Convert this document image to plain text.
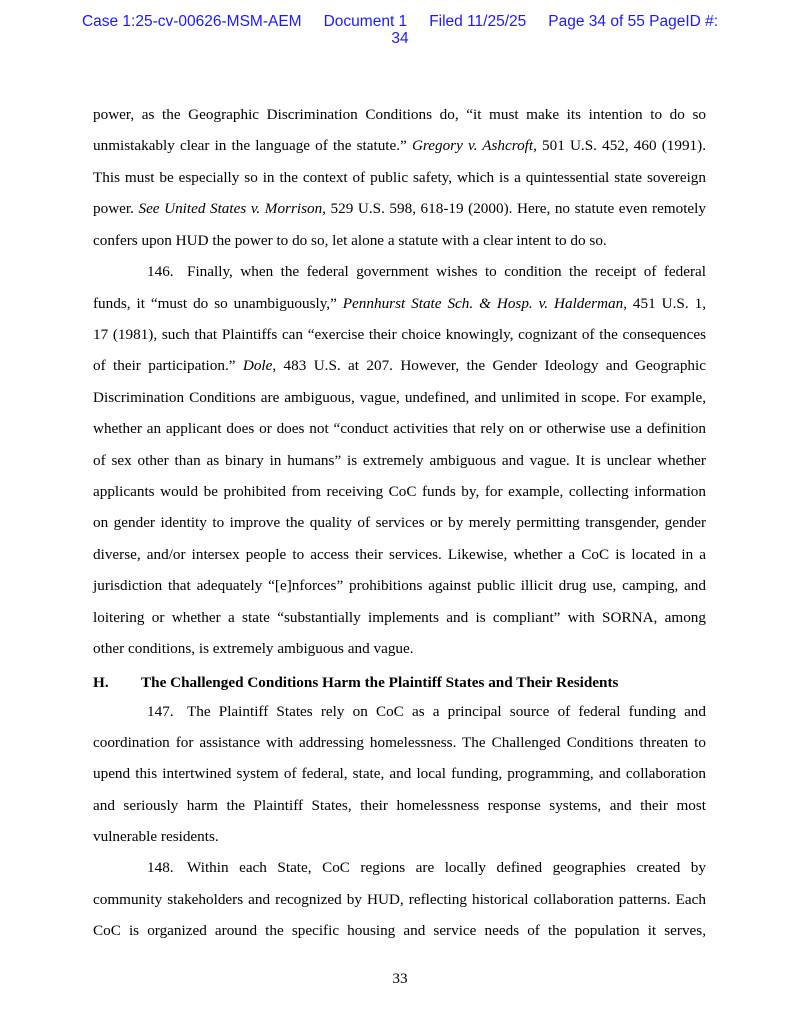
Case 1:25-cv-00626-MSM-AEM Document 1 Filed 11/25/25 Page 34 of 55 PageID #:
34
power, as the Geographic Discrimination Conditions do, “it must make its intention to do so
unmistakably clear in the language of the statute.” Gregory v. Ashcroft, 501 U.S. 452, 460 (1991).
This must be especially so in the context of public safety, which is a quintessential state sovereign
power. See United States v. Morrison, 529 U.S. 598, 618-19 (2000). Here, no statute even remotely
confers upon HUD the power to do so, let alone a statute with a clear intent to do so.
146. Finally, when the federal government wishes to condition the receipt of federal
funds, it “must do so unambiguously,” Pennhurst State Sch. & Hosp. v. Halderman, 451 U.S. 1,
17 (1981), such that Plaintiffs can “exercise their choice knowingly, cognizant of the consequences
of their participation.” Dole, 483 U.S. at 207. However, the Gender Ideology and Geographic
Discrimination Conditions are ambiguous, vague, undefined, and unlimited in scope. For example,
whether an applicant does or does not “conduct activities that rely on or otherwise use a definition
of sex other than as binary in humans” is extremely ambiguous and vague. It is unclear whether
applicants would be prohibited from receiving CoC funds by, for example, collecting information
on gender identity to improve the quality of services or by merely permitting transgender, gender
diverse, and/or intersex people to access their services. Likewise, whether a CoC is located in a
jurisdiction that adequately “[e]nforces” prohibitions against public illicit drug use, camping, and
loitering or whether a state “substantially implements and is compliant” with SORNA, among
other conditions, is extremely ambiguous and vague.
H. The Challenged Conditions Harm the Plaintiff States and Their Residents
147. The Plaintiff States rely on CoC as a principal source of federal funding and
coordination for assistance with addressing homelessness. The Challenged Conditions threaten to
upend this intertwined system of federal, state, and local funding, programming, and collaboration
and seriously harm the Plaintiff States, their homelessness response systems, and their most
vulnerable residents.
148. Within each State, CoC regions are locally defined geographies created by
community stakeholders and recognized by HUD, reflecting historical collaboration patterns. Each
CoC is organized around the specific housing and service needs of the population it serves,
33
